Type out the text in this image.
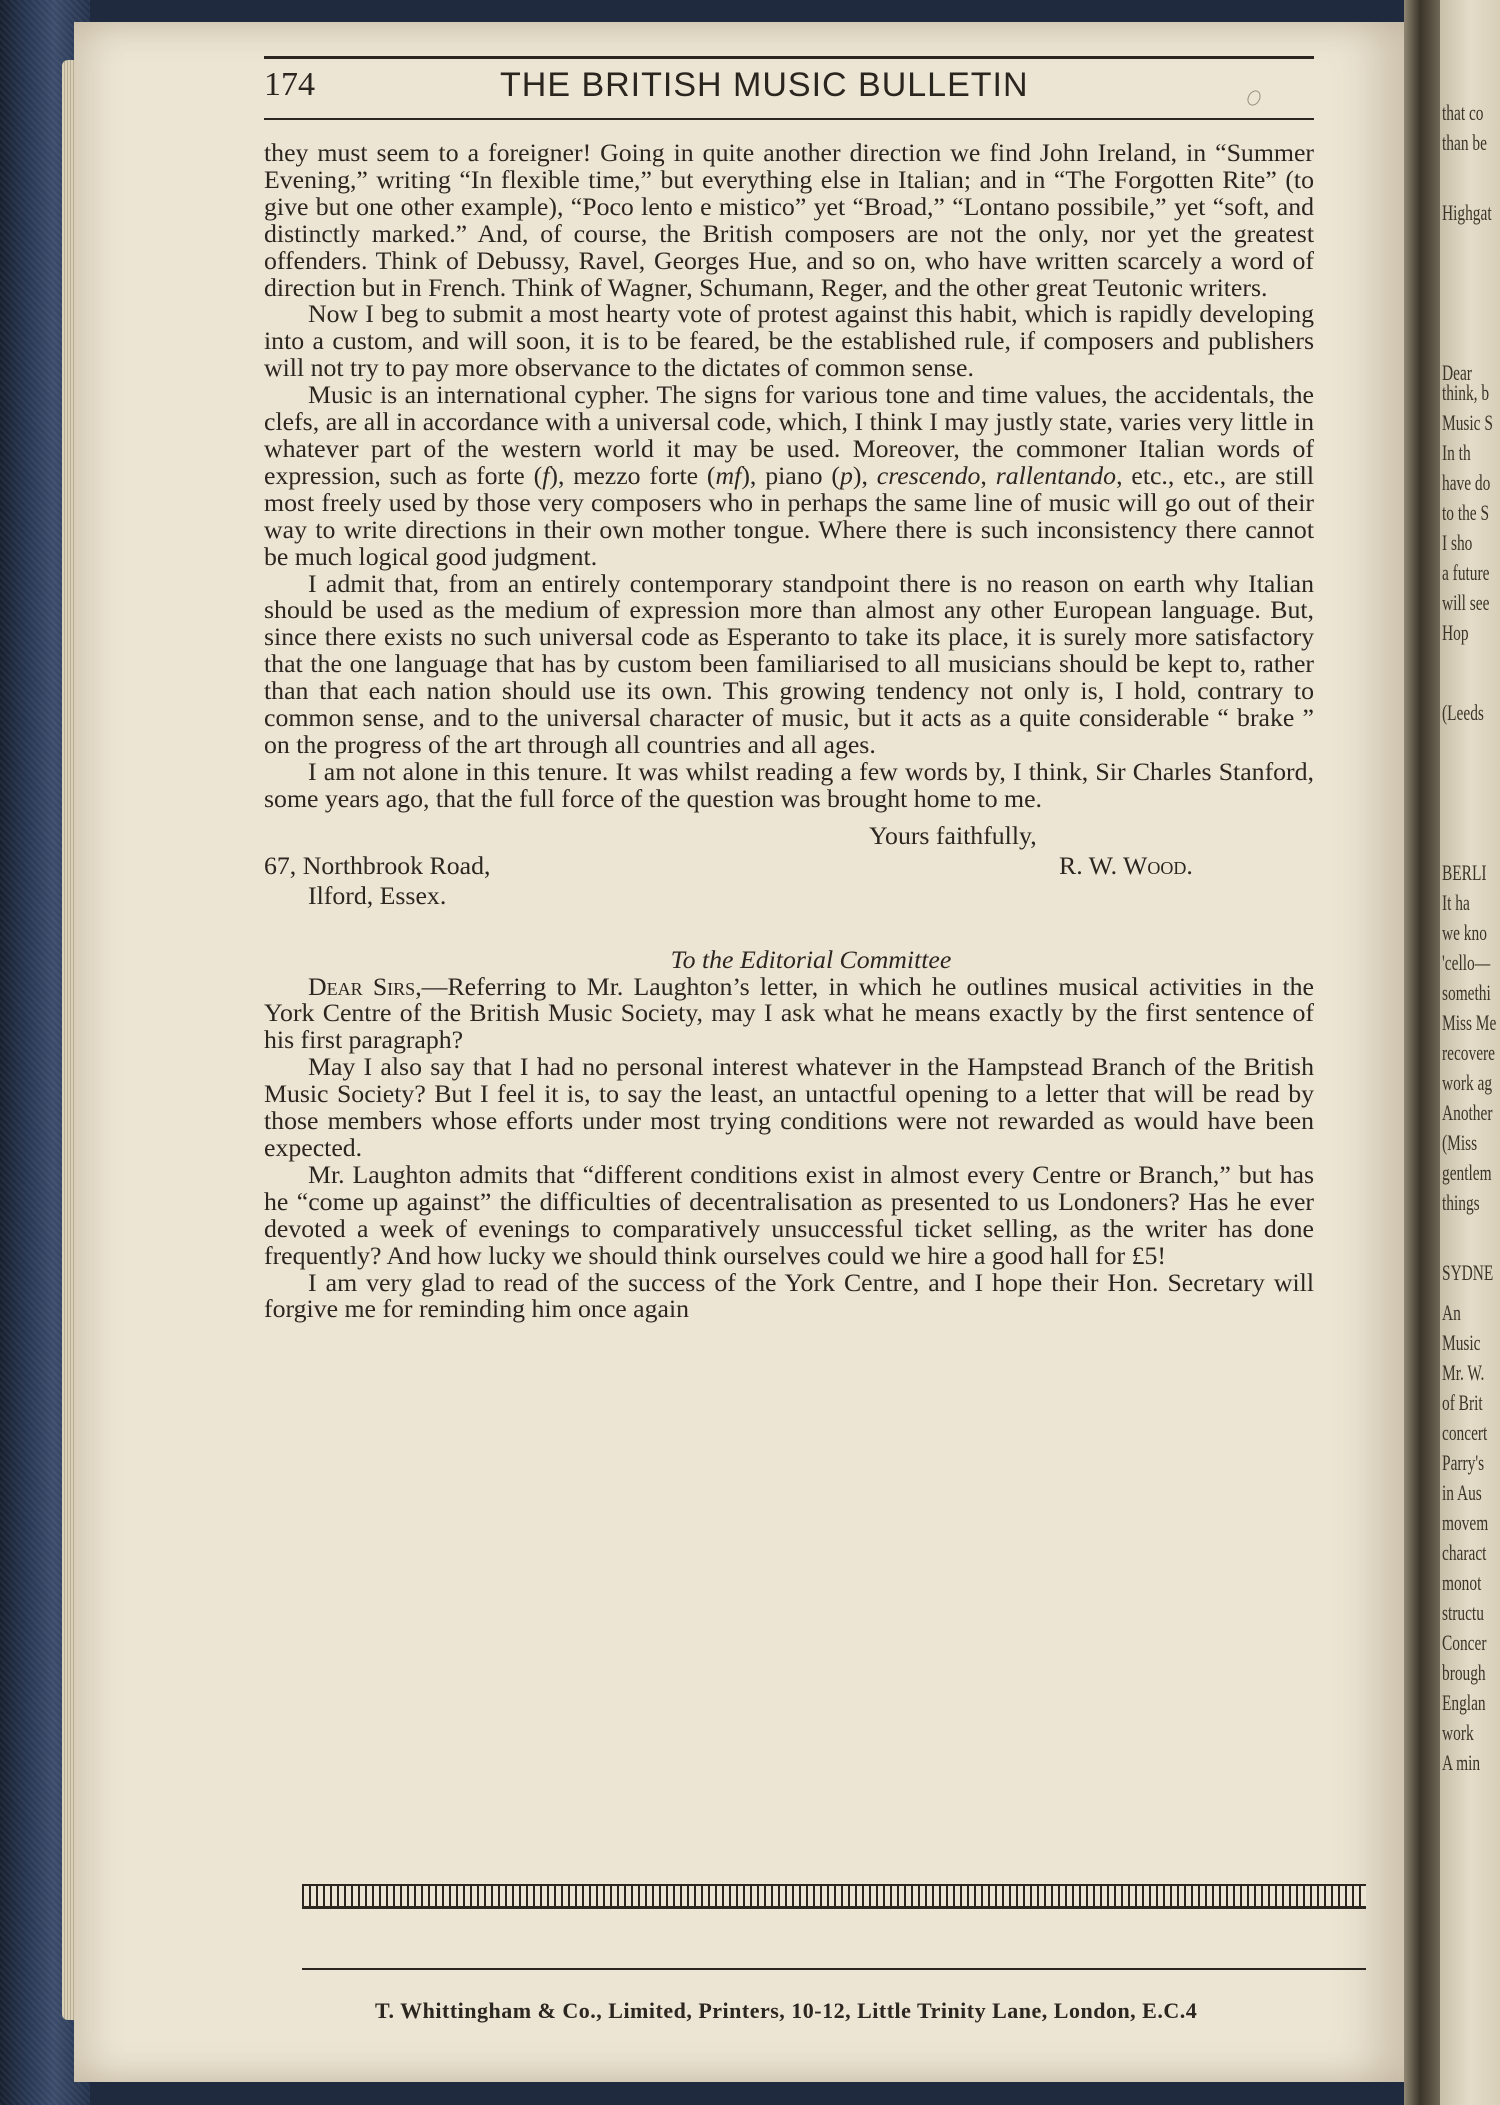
that co
than be
Highgat
Dear
think, b
Music S
In th
have do
to the S
I sho
a future
will see
Hop
(Leeds
BERLI
It ha
we kno
'cello—
somethi
Miss Me
recovere
work ag
Another
(Miss
gentlem
things
SYDNE
An
Music
Mr. W.
of Brit
concert
Parry's
in Aus
movem
charact
monot
structu
Concer
brough
Englan
work
A min
174	THE BRITISH MUSIC BULLETIN

they must seem to a foreigner! Going in quite another direction we find John Ireland, in “Summer Evening,” writing “In flexible time,” but everything else in Italian; and in “The Forgotten Rite” (to give but one other example), “Poco lento e mistico” yet “Broad,” “Lontano possibile,” yet “soft, and distinctly marked.” And, of course, the British composers are not the only, nor yet the greatest offenders. Think of Debussy, Ravel, Georges Hue, and so on, who have written scarcely a word of direction but in French. Think of Wagner, Schumann, Reger, and the other great Teutonic writers.

Now I beg to submit a most hearty vote of protest against this habit, which is rapidly developing into a custom, and will soon, it is to be feared, be the established rule, if composers and publishers will not try to pay more observance to the dictates of common sense.

Music is an international cypher. The signs for various tone and time values, the accidentals, the clefs, are all in accordance with a universal code, which, I think I may justly state, varies very little in whatever part of the western world it may be used. Moreover, the commoner Italian words of expression, such as forte (f), mezzo forte (mf), piano (p), crescendo, rallentando, etc., etc., are still most freely used by those very composers who in perhaps the same line of music will go out of their way to write directions in their own mother tongue. Where there is such inconsistency there cannot be much logical good judgment.

I admit that, from an entirely contemporary standpoint there is no reason on earth why Italian should be used as the medium of expression more than almost any other European language. But, since there exists no such universal code as Esperanto to take its place, it is surely more satisfactory that the one language that has by custom been familiarised to all musicians should be kept to, rather than that each nation should use its own. This growing tendency not only is, I hold, contrary to common sense, and to the universal character of music, but it acts as a quite considerable “ brake ” on the progress of the art through all countries and all ages.

I am not alone in this tenure. It was whilst reading a few words by, I think, Sir Charles Stanford, some years ago, that the full force of the question was brought home to me.

Yours faithfully,
67, Northbrook Road,	R. W. Wood.
Ilford, Essex.

To the Editorial Committee

Dear Sirs,—Referring to Mr. Laughton’s letter, in which he outlines musical activities in the York Centre of the British Music Society, may I ask what he means exactly by the first sentence of his first paragraph?

May I also say that I had no personal interest whatever in the Hampstead Branch of the British Music Society? But I feel it is, to say the least, an untactful opening to a letter that will be read by those members whose efforts under most trying conditions were not rewarded as would have been expected.

Mr. Laughton admits that “different conditions exist in almost every Centre or Branch,” but has he “come up against” the difficulties of decentralisation as presented to us Londoners? Has he ever devoted a week of evenings to comparatively unsuccessful ticket selling, as the writer has done frequently? And how lucky we should think ourselves could we hire a good hall for £5!

I am very glad to read of the success of the York Centre, and I hope their Hon. Secretary will forgive me for reminding him once again

T. Whittingham & Co., Limited, Printers, 10-12, Little Trinity Lane, London, E.C.4
